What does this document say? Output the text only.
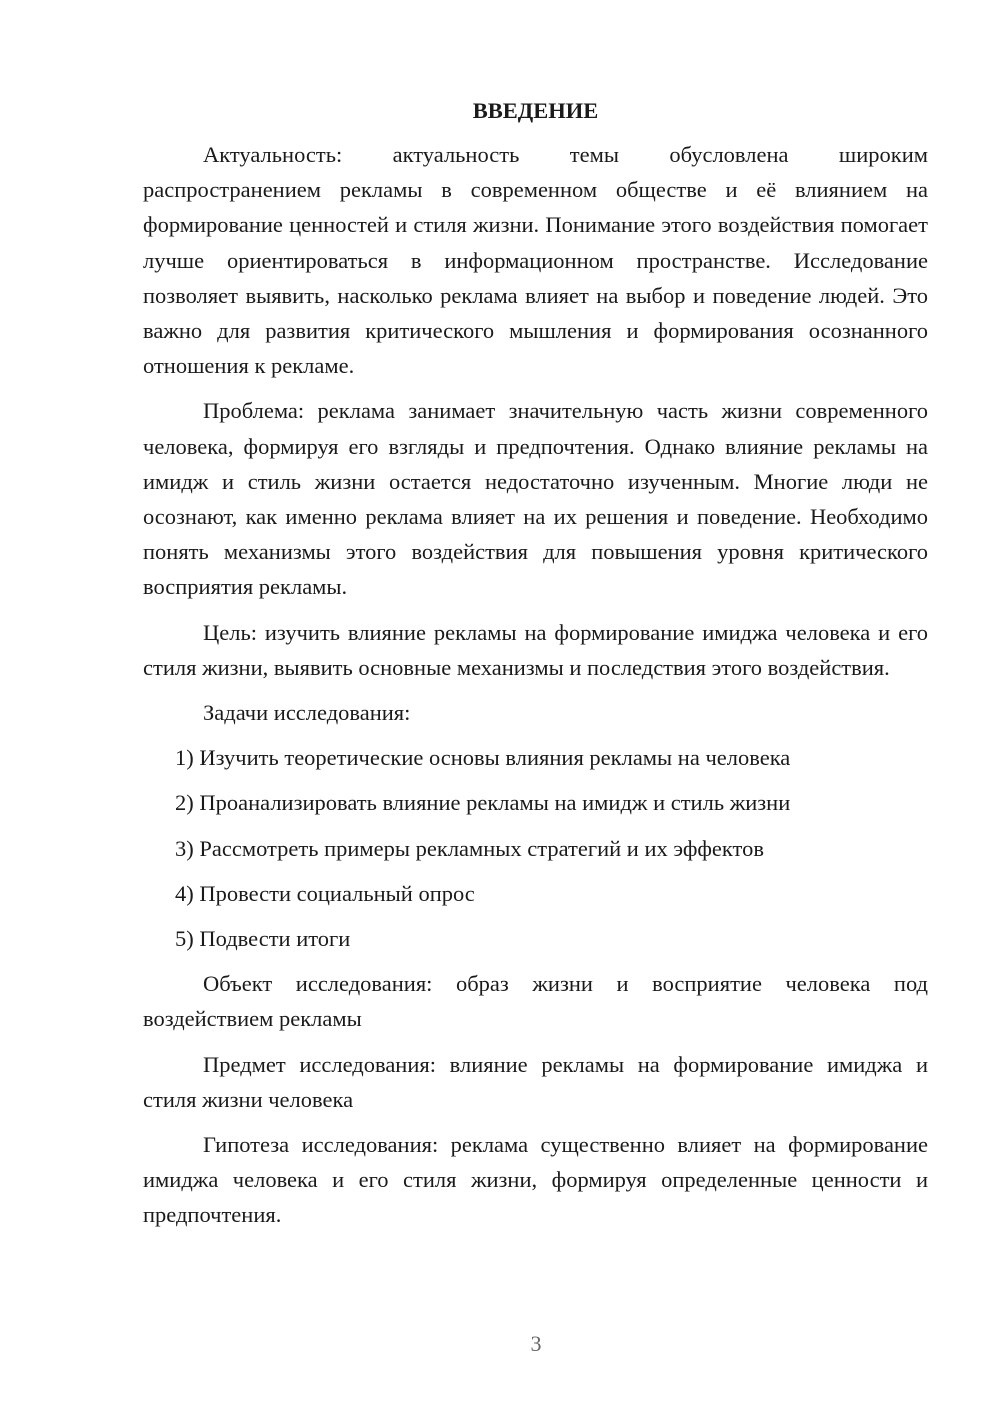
ВВЕДЕНИЕ

Актуальность: актуальность темы обусловлена широким распространением рекламы в современном обществе и её влиянием на формирование ценностей и стиля жизни. Понимание этого воздействия помогает лучше ориентироваться в информационном пространстве. Исследование позволяет выявить, насколько реклама влияет на выбор и поведение людей. Это важно для развития критического мышления и формирования осознанного отношения к рекламе.

Проблема: реклама занимает значительную часть жизни современного человека, формируя его взгляды и предпочтения. Однако влияние рекламы на имидж и стиль жизни остается недостаточно изученным. Многие люди не осознают, как именно реклама влияет на их решения и поведение. Необходимо понять механизмы этого воздействия для повышения уровня критического восприятия рекламы.

Цель: изучить влияние рекламы на формирование имиджа человека и его стиля жизни, выявить основные механизмы и последствия этого воздействия.

Задачи исследования:

1) Изучить теоретические основы влияния рекламы на человека
2) Проанализировать влияние рекламы на имидж и стиль жизни
3) Рассмотреть примеры рекламных стратегий и их эффектов
4) Провести социальный опрос
5) Подвести итоги

Объект исследования: образ жизни и восприятие человека под воздействием рекламы

Предмет исследования: влияние рекламы на формирование имиджа и стиля жизни человека

Гипотеза исследования: реклама существенно влияет на формирование имиджа человека и его стиля жизни, формируя определенные ценности и предпочтения.

3
